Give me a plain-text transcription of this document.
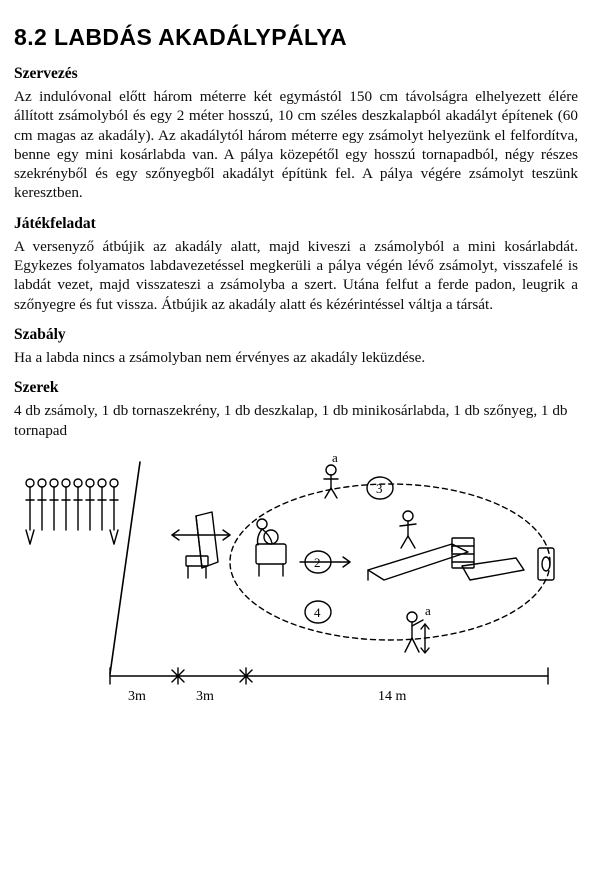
8.2 LABDÁS AKADÁLYPÁLYA
Szervezés

Az indulóvonal előtt három méterre két egymástól 150 cm távolságra elhelyezett élére állított zsámolyból és egy 2 méter hosszú, 10 cm széles deszkalapból akadályt építenek (60 cm magas az akadály). Az akadálytól három méterre egy zsámolyt helyezünk el felfordítva, benne egy mini kosárlabda van. A pálya közepétől egy hosszú tornapadból, négy részes szekrényből és egy szőnyegből akadályt építünk fel. A pálya végére zsámolyt teszünk keresztben.

Játékfeladat

A versenyző átbújik az akadály alatt, majd kiveszi a zsámolyból a mini kosárlabdát. Egykezes folyamatos labdavezetéssel megkerüli a pálya végén lévő zsámolyt, visszafelé is labdát vezet, majd visszateszi a zsámolyba a szert. Utána felfut a ferde padon, leugrik a szőnyegre és fut vissza. Átbújik az akadály alatt és kézérintéssel váltja a társát.

Szabály

Ha a labda nincs a zsámolyban nem érvényes az akadály leküzdése.

Szerek

4 db zsámoly, 1 db tornaszekrény, 1 db deszkalap, 1 db minikosárlabda, 1 db szőnyeg, 1 db tornapad

3
2
4
a
a
3m	3m	14 m
